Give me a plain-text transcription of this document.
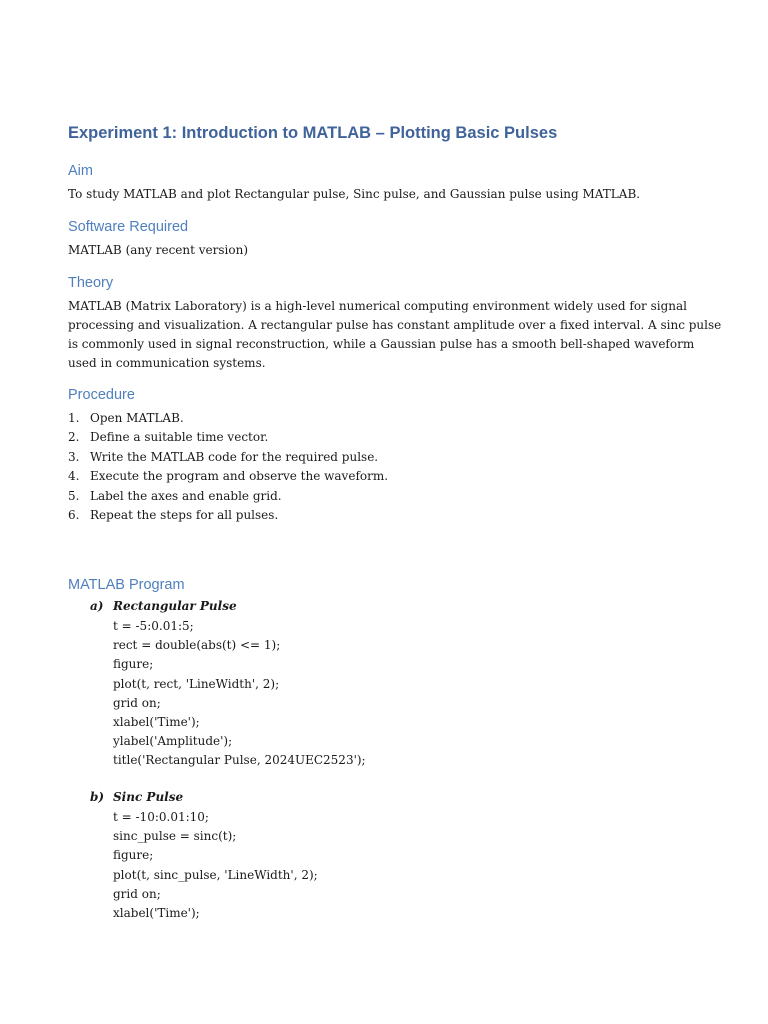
Experiment 1: Introduction to MATLAB – Plotting Basic Pulses
Aim

To study MATLAB and plot Rectangular pulse, Sinc pulse, and Gaussian pulse using MATLAB.

Software Required

MATLAB (any recent version)

Theory
MATLAB (Matrix Laboratory) is a high-level numerical computing environment widely used for signal
processing and visualization. A rectangular pulse has constant amplitude over a fixed interval. A sinc pulse
is commonly used in signal reconstruction, while a Gaussian pulse has a smooth bell-shaped waveform
used in communication systems.
Procedure
1. Open MATLAB.
2. Define a suitable time vector.
3. Write the MATLAB code for the required pulse.
4. Execute the program and observe the waveform.
5. Label the axes and enable grid.
6. Repeat the steps for all pulses.
MATLAB Program

a) Rectangular Pulse

t = -5:0.01:5;
rect = double(abs(t) <= 1);
figure;
plot(t, rect, 'LineWidth', 2);
grid on;
xlabel('Time');
ylabel('Amplitude');
title('Rectangular Pulse, 2024UEC2523');

b) Sinc Pulse

t = -10:0.01:10;
sinc_pulse = sinc(t);
figure;
plot(t, sinc_pulse, 'LineWidth', 2);
grid on;
xlabel('Time');
